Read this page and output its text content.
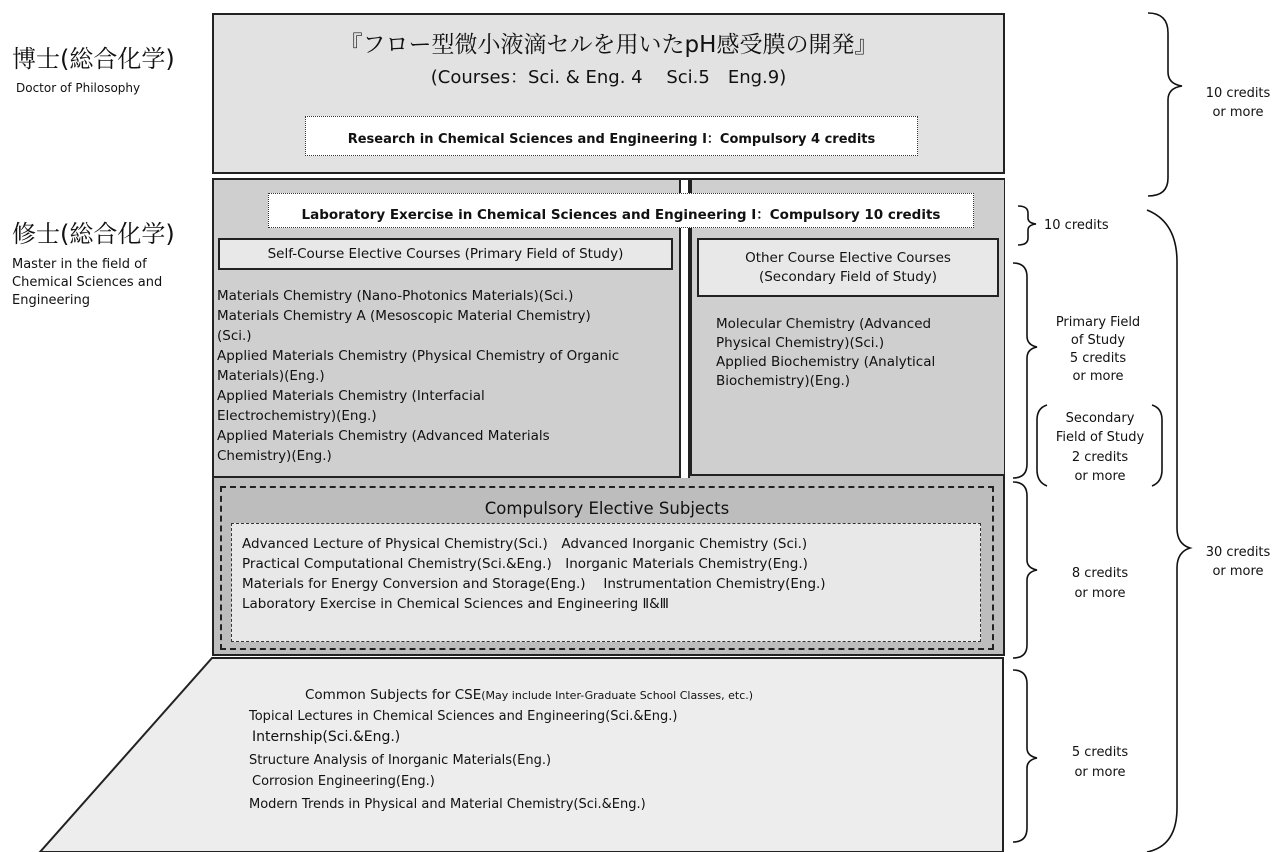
博士(総合化学)
Doctor of Philosophy
修士(総合化学)
Master in the field of
Chemical Sciences and
Engineering
『フロー型微小液滴セルを用いたpH感受膜の開発』
(Courses：Sci. & Eng. 4　 Sci.5　Eng.9)
Research in Chemical Sciences and Engineering Ⅰ：Compulsory 4 credits
Laboratory Exercise in Chemical Sciences and Engineering Ⅰ：Compulsory 10 credits
Self-Course Elective Courses (Primary Field of Study)
Materials Chemistry (Nano-Photonics Materials)(Sci.)
Materials Chemistry A (Mesoscopic Material Chemistry)
(Sci.)
Applied Materials Chemistry (Physical Chemistry of Organic
Materials)(Eng.)
Applied Materials Chemistry (Interfacial
Electrochemistry)(Eng.)
Applied Materials Chemistry (Advanced Materials
Chemistry)(Eng.)
Other Course Elective Courses
(Secondary Field of Study)
Molecular Chemistry (Advanced
Physical Chemistry)(Sci.)
Applied Biochemistry (Analytical
Biochemistry)(Eng.)
Compulsory Elective Subjects
Advanced Lecture of Physical Chemistry(Sci.)　Advanced Inorganic Chemistry (Sci.)
Practical Computational Chemistry(Sci.&Eng.)　Inorganic Materials Chemistry(Eng.)
Materials for Energy Conversion and Storage(Eng.)　 Instrumentation Chemistry(Eng.)
Laboratory Exercise in Chemical Sciences and Engineering Ⅱ&Ⅲ
Common Subjects for CSE(May include Inter-Graduate School Classes, etc.)
Topical Lectures in Chemical Sciences and Engineering(Sci.&Eng.)
Internship(Sci.&Eng.)
Structure Analysis of Inorganic Materials(Eng.)
Corrosion Engineering(Eng.)
Modern Trends in Physical and Material Chemistry(Sci.&Eng.)
10 credits
or more
10 credits
Primary Field
of Study
5 credits
or more
Secondary
Field of Study
2 credits
or more
8 credits
or more
30 credits
or more
5 credits
or more
